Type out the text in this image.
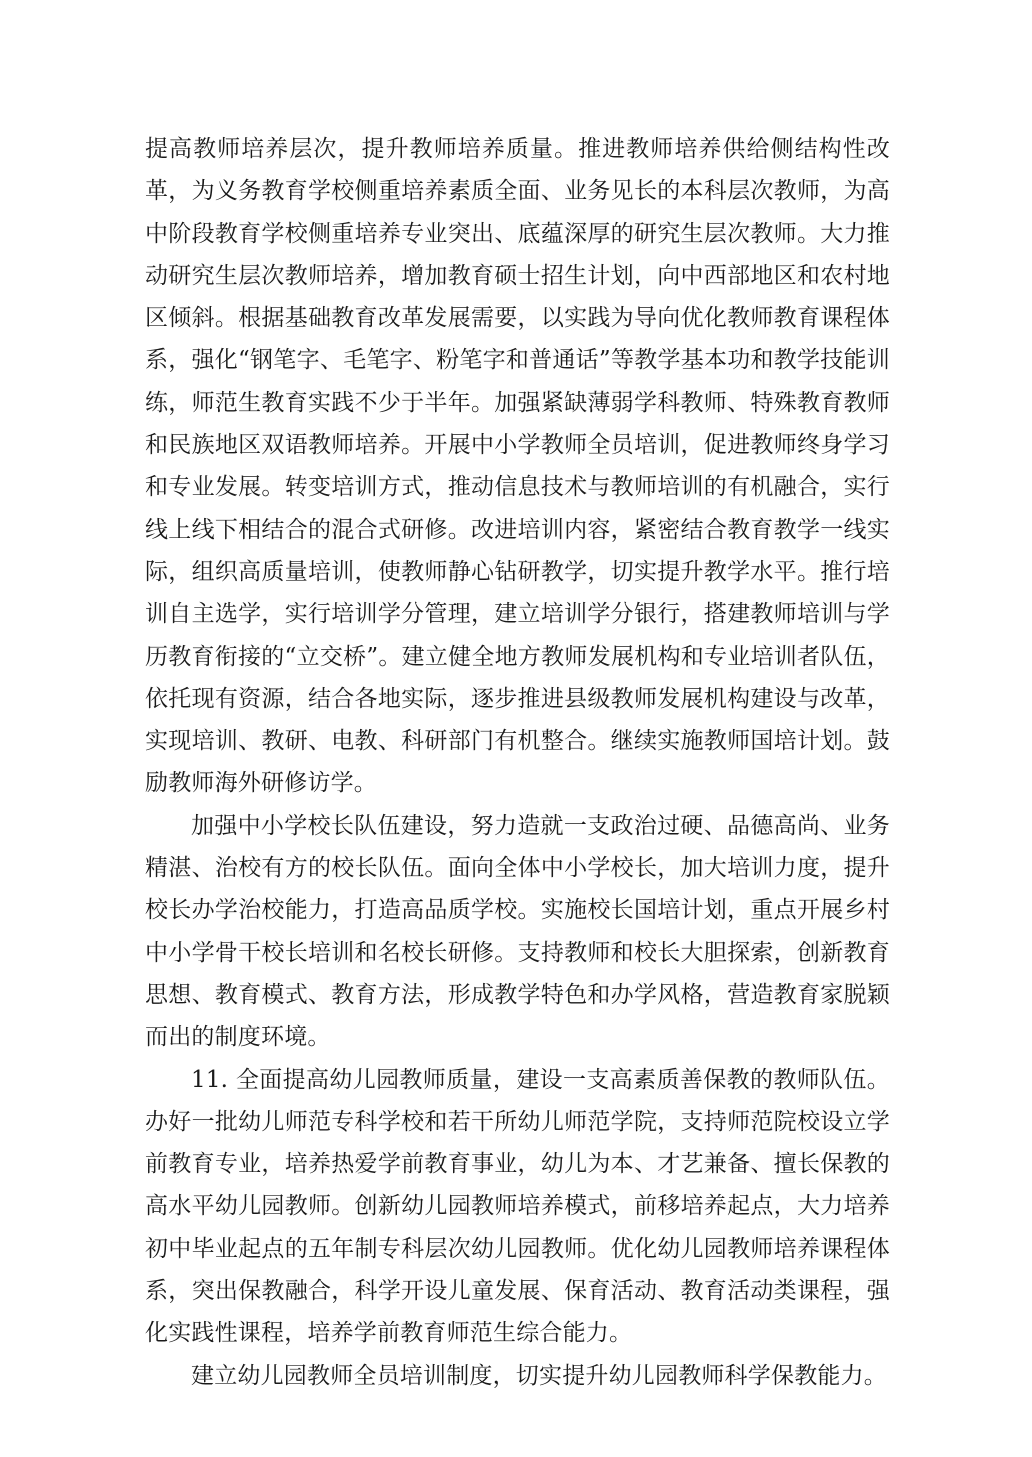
提高教师培养层次，提升教师培养质量。推进教师培养供给侧结构性改革，为义务教育学校侧重培养素质全面、业务见长的本科层次教师，为高中阶段教育学校侧重培养专业突出、底蕴深厚的研究生层次教师。大力推动研究生层次教师培养，增加教育硕士招生计划，向中西部地区和农村地区倾斜。根据基础教育改革发展需要，以实践为导向优化教师教育课程体系，强化“钢笔字、毛笔字、粉笔字和普通话”等教学基本功和教学技能训练，师范生教育实践不少于半年。加强紧缺薄弱学科教师、特殊教育教师和民族地区双语教师培养。开展中小学教师全员培训，促进教师终身学习和专业发展。转变培训方式，推动信息技术与教师培训的有机融合，实行线上线下相结合的混合式研修。改进培训内容，紧密结合教育教学一线实际，组织高质量培训，使教师静心钻研教学，切实提升教学水平。推行培训自主选学，实行培训学分管理，建立培训学分银行，搭建教师培训与学历教育衔接的“立交桥”。建立健全地方教师发展机构和专业培训者队伍，依托现有资源，结合各地实际，逐步推进县级教师发展机构建设与改革，实现培训、教研、电教、科研部门有机整合。继续实施教师国培计划。鼓励教师海外研修访学。

加强中小学校长队伍建设，努力造就一支政治过硬、品德高尚、业务精湛、治校有方的校长队伍。面向全体中小学校长，加大培训力度，提升校长办学治校能力，打造高品质学校。实施校长国培计划，重点开展乡村中小学骨干校长培训和名校长研修。支持教师和校长大胆探索，创新教育思想、教育模式、教育方法，形成教学特色和办学风格，营造教育家脱颖而出的制度环境。

11. 全面提高幼儿园教师质量，建设一支高素质善保教的教师队伍。办好一批幼儿师范专科学校和若干所幼儿师范学院，支持师范院校设立学前教育专业，培养热爱学前教育事业，幼儿为本、才艺兼备、擅长保教的高水平幼儿园教师。创新幼儿园教师培养模式，前移培养起点，大力培养初中毕业起点的五年制专科层次幼儿园教师。优化幼儿园教师培养课程体系，突出保教融合，科学开设儿童发展、保育活动、教育活动类课程，强化实践性课程，培养学前教育师范生综合能力。

建立幼儿园教师全员培训制度，切实提升幼儿园教师科学保教能力。
